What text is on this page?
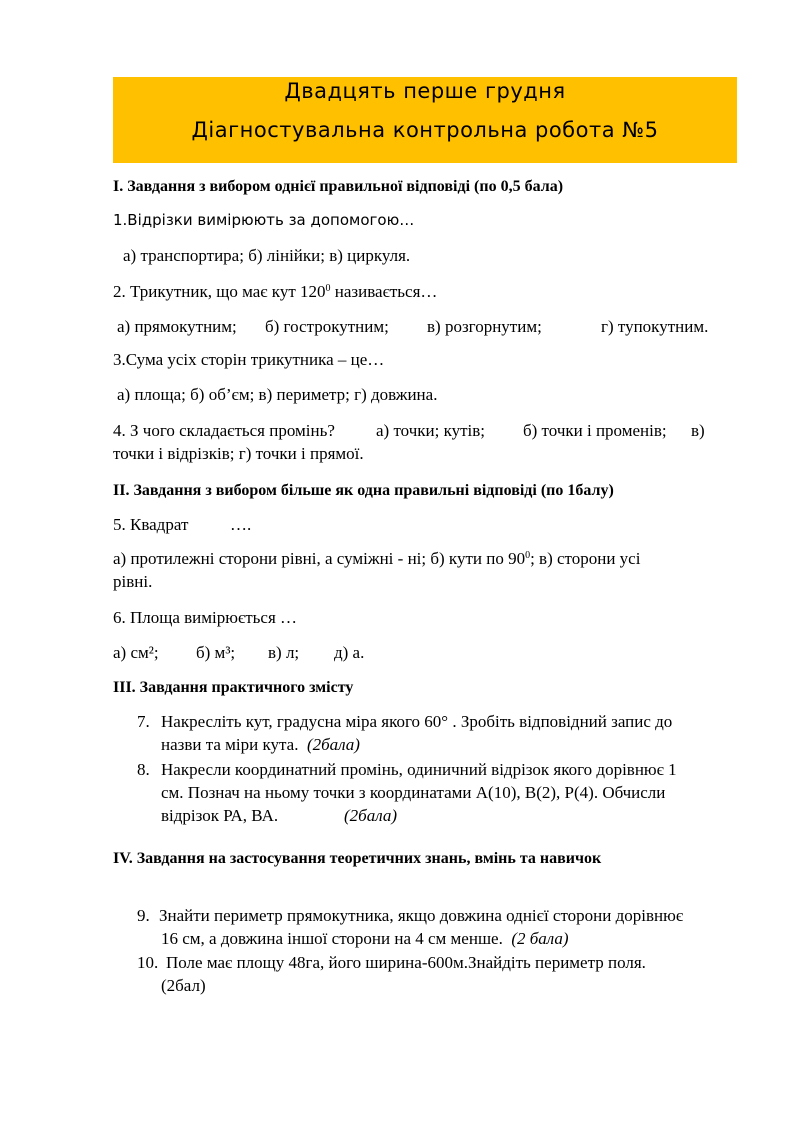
Двадцять перше грудня
Діагностувальна контрольна робота №5
I. Завдання з вибором однієї правильної відповіді (по 0,5 бала)
1.Відрізки вимірюють за допомогою…
а) транспортира; б) лінійки; в) циркуля.
2. Трикутник, що має кут $120^0$ називається…
а) прямокутним; б) гострокутним; в) розгорнутим;	г) тупокутним.
3.Сума усіх сторін трикутника – це…
а) площа; б) об’єм; в) периметр; г) довжина.
4. З чого складається промінь? а) точки; кутів; б) точки і променів; в)
точки і відрізків; г) точки і прямої.
II. Завдання з вибором більше як одна правильні відповіді (по 1балу)
5. Квадрат ….
а) протилежні сторони рівні, а суміжні - ні; б) кути по $90^0$; в) сторони усі
рівні.
6. Площа вимірюється …
а) см²; б) м³; в) л; д) а.
ІІІ. Завдання практичного змісту
7. Накресліть кут, градусна міра якого 60° . Зробіть відповідний запис до
назви та міри кута. (2бала)
8. Накресли координатний промінь, одиничний відрізок якого дорівнює 1
см. Познач на ньому точки з координатами А(10), В(2), Р(4). Обчисли
відрізок РА, ВА.	(2бала)
IV. Завдання на застосування теоретичних знань, вмінь та навичок
9. Знайти периметр прямокутника, якщо довжина однієї сторони дорівнює
16 см, а довжина іншої сторони на 4 см менше. (2 бала)
10. Поле має площу 48га, його ширина-600м.Знайдіть периметр поля.
(2бал)
